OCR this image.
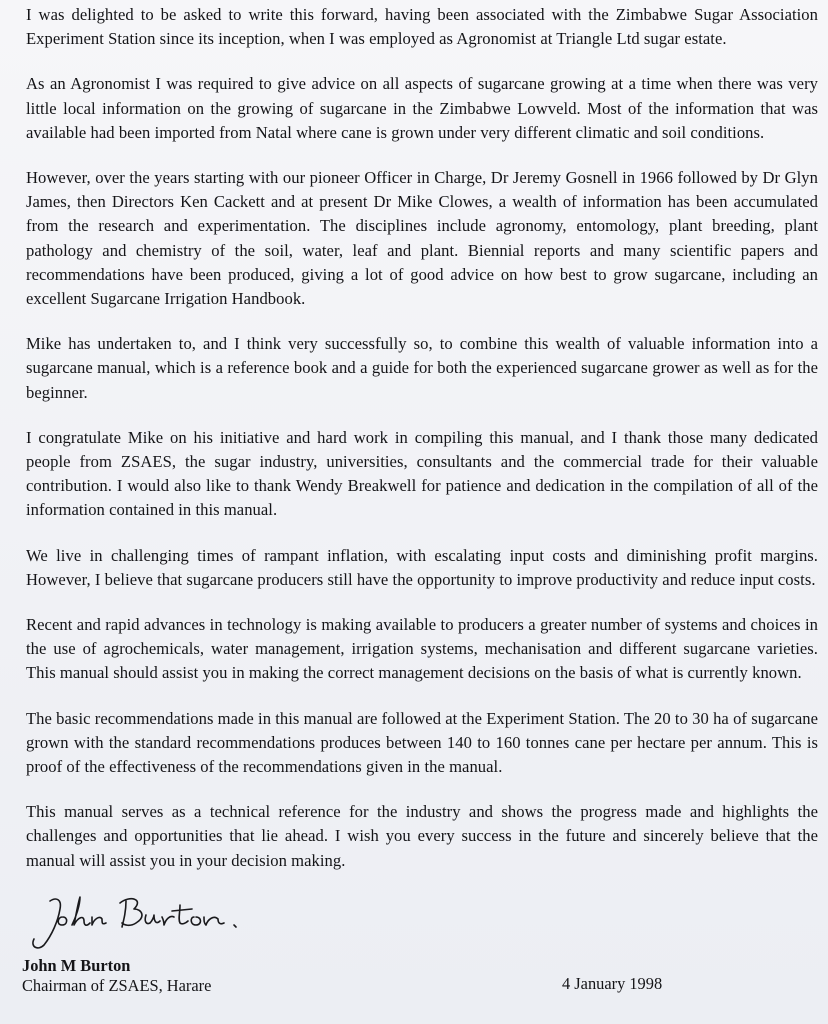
I was delighted to be asked to write this forward, having been associated with the Zimbabwe Sugar Association Experiment Station since its inception, when I was employed as Agronomist at Triangle Ltd sugar estate.

As an Agronomist I was required to give advice on all aspects of sugarcane growing at a time when there was very little local information on the growing of sugarcane in the Zimbabwe Lowveld. Most of the information that was available had been imported from Natal where cane is grown under very different climatic and soil conditions.

However, over the years starting with our pioneer Officer in Charge, Dr Jeremy Gosnell in 1966 followed by Dr Glyn James, then Directors Ken Cackett and at present Dr Mike Clowes, a wealth of information has been accumulated from the research and experimentation. The disciplines include agronomy, entomology, plant breeding, plant pathology and chemistry of the soil, water, leaf and plant. Biennial reports and many scientific papers and recommendations have been produced, giving a lot of good advice on how best to grow sugarcane, including an excellent Sugarcane Irrigation Handbook.

Mike has undertaken to, and I think very successfully so, to combine this wealth of valuable information into a sugarcane manual, which is a reference book and a guide for both the experienced sugarcane grower as well as for the beginner.

I congratulate Mike on his initiative and hard work in compiling this manual, and I thank those many dedicated people from ZSAES, the sugar industry, universities, consultants and the commercial trade for their valuable contribution. I would also like to thank Wendy Breakwell for patience and dedication in the compilation of all of the information contained in this manual.

We live in challenging times of rampant inflation, with escalating input costs and diminishing profit margins. However, I believe that sugarcane producers still have the opportunity to improve productivity and reduce input costs.

Recent and rapid advances in technology is making available to producers a greater number of systems and choices in the use of agrochemicals, water management, irrigation systems, mechanisation and different sugarcane varieties. This manual should assist you in making the correct management decisions on the basis of what is currently known.

The basic recommendations made in this manual are followed at the Experiment Station. The 20 to 30 ha of sugarcane grown with the standard recommendations produces between 140 to 160 tonnes cane per hectare per annum. This is proof of the effectiveness of the recommendations given in the manual.

This manual serves as a technical reference for the industry and shows the progress made and highlights the challenges and opportunities that lie ahead. I wish you every success in the future and sincerely believe that the manual will assist you in your decision making.

John M Burton
Chairman of ZSAES, Harare	4 January 1998
